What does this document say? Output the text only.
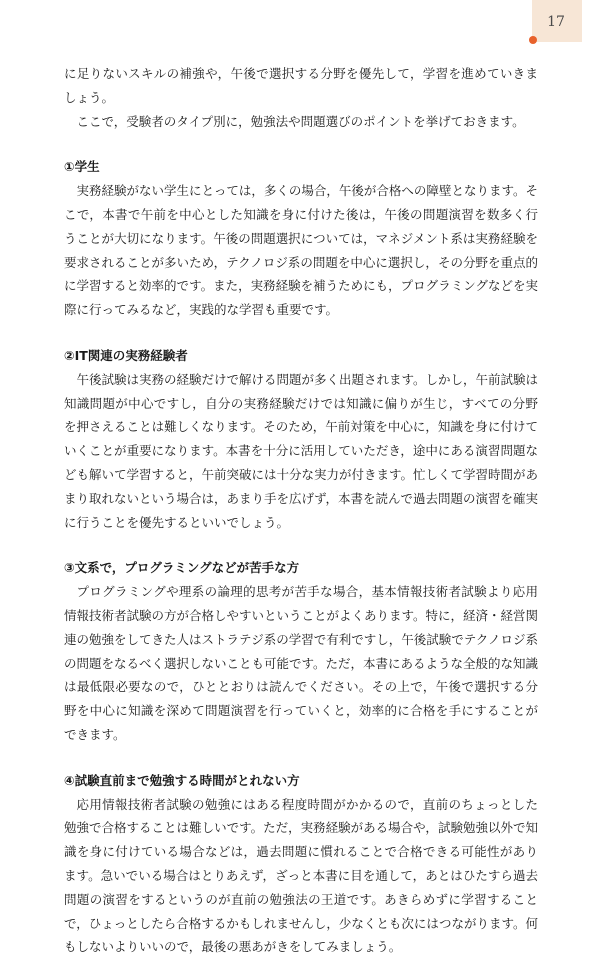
17

に足りないスキルの補強や，午後で選択する分野を優先して，学習を進めていきましょう。

ここで，受験者のタイプ別に，勉強法や問題選びのポイントを挙げておきます。

①学生

実務経験がない学生にとっては，多くの場合，午後が合格への障壁となります。そこで，本書で午前を中心とした知識を身に付けた後は，午後の問題演習を数多く行うことが大切になります。午後の問題選択については，マネジメント系は実務経験を要求されることが多いため，テクノロジ系の問題を中心に選択し，その分野を重点的に学習すると効率的です。また，実務経験を補うためにも，プログラミングなどを実際に行ってみるなど，実践的な学習も重要です。

②IT関連の実務経験者

午後試験は実務の経験だけで解ける問題が多く出題されます。しかし，午前試験は知識問題が中心ですし，自分の実務経験だけでは知識に偏りが生じ，すべての分野を押さえることは難しくなります。そのため，午前対策を中心に，知識を身に付けていくことが重要になります。本書を十分に活用していただき，途中にある演習問題なども解いて学習すると，午前突破には十分な実力が付きます。忙しくて学習時間があまり取れないという場合は，あまり手を広げず，本書を読んで過去問題の演習を確実に行うことを優先するといいでしょう。

③文系で，プログラミングなどが苦手な方

プログラミングや理系の論理的思考が苦手な場合，基本情報技術者試験より応用情報技術者試験の方が合格しやすいということがよくあります。特に，経済・経営関連の勉強をしてきた人はストラテジ系の学習で有利ですし，午後試験でテクノロジ系の問題をなるべく選択しないことも可能です。ただ，本書にあるような全般的な知識は最低限必要なので，ひととおりは読んでください。その上で，午後で選択する分野を中心に知識を深めて問題演習を行っていくと，効率的に合格を手にすることができます。

④試験直前まで勉強する時間がとれない方

応用情報技術者試験の勉強にはある程度時間がかかるので，直前のちょっとした勉強で合格することは難しいです。ただ，実務経験がある場合や，試験勉強以外で知識を身に付けている場合などは，過去問題に慣れることで合格できる可能性があります。急いでいる場合はとりあえず，ざっと本書に目を通して，あとはひたすら過去問題の演習をするというのが直前の勉強法の王道です。あきらめずに学習することで，ひょっとしたら合格するかもしれませんし，少なくとも次にはつながります。何もしないよりいいので，最後の悪あがきをしてみましょう。
